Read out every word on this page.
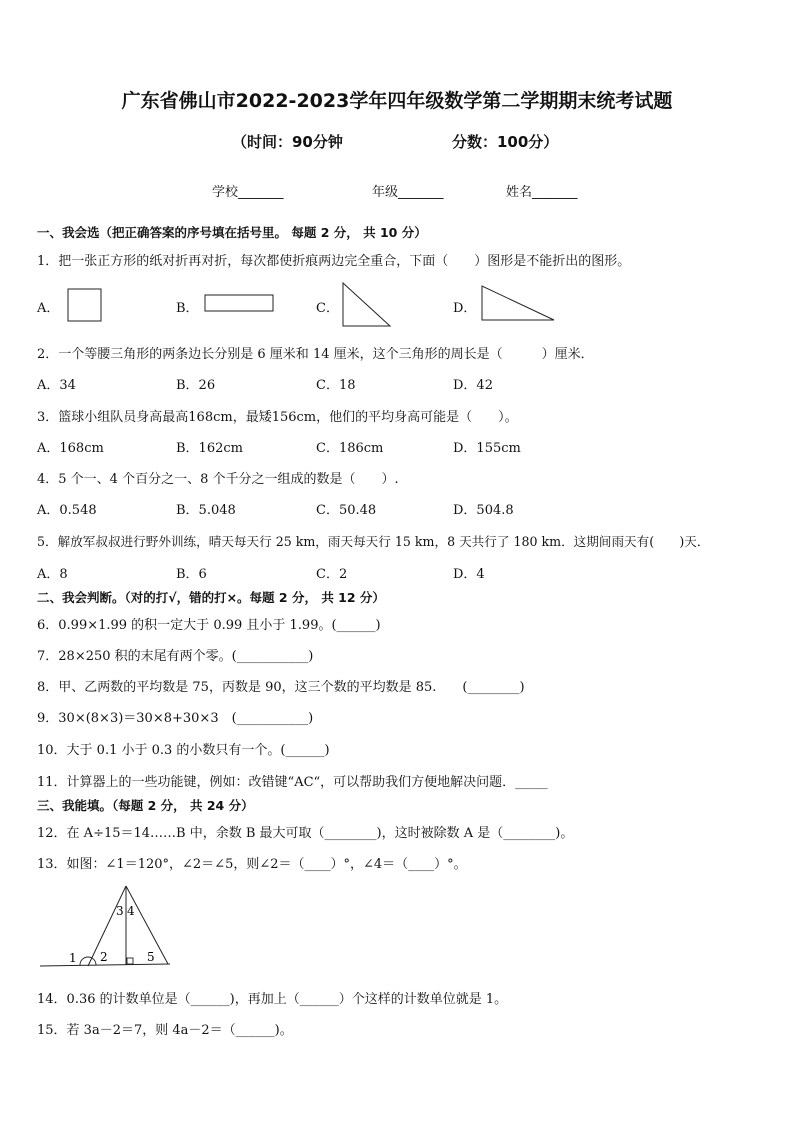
广东省佛山市2022-2023学年四年级数学第二学期期末统考试题
（时间：90分钟	分数：100分）
学校_______	年级_______	姓名_______
一、我会选（把正确答案的序号填在括号里。 每题 2 分， 共 10 分）
1．把一张正方形的纸对折再对折，每次都使折痕两边完全重合，下面（　　）图形是不能折出的图形。
A．	B．	C．	D．
2．一个等腰三角形的两条边长分别是 6 厘米和 14 厘米，这个三角形的周长是（　　　）厘米．
A．34	B．26	C．18	D．42
3．篮球小组队员身高最高168cm，最矮156cm，他们的平均身高可能是（　　）。
A．168cm	B．162cm	C．186cm	D．155cm
4．5 个一、4 个百分之一、8 个千分之一组成的数是（　　）.
A．0.548	B．5.048	C．50.48	D．504.8
5．解放军叔叔进行野外训练，晴天每天行 25 km，雨天每天行 15 km，8 天共行了 180 km．这期间雨天有(　　)天．
A．8	B．6	C．2	D．4
二、我会判断。（对的打√，错的打×。每题 2 分， 共 12 分）
6．0.99×1.99 的积一定大于 0.99 且小于 1.99。(______)
7．28×250 积的末尾有两个零。(___________)
8．甲、乙两数的平均数是 75，丙数是 90，这三个数的平均数是 85.　　(________)
9．30×(8×3)＝30×8+30×3　(___________)
10．大于 0.1 小于 0.3 的小数只有一个。(______)
11．计算器上的一些功能键，例如：改错键“AC“，可以帮助我们方便地解决问题．_____
三、我能填。（每题 2 分， 共 24 分）
12．在 A÷15＝14……B 中，余数 B 最大可取（________)，这时被除数 A 是（________)。
13．如图：∠1＝120°，∠2＝∠5，则∠2＝（____）°，∠4＝（____）°。
1 2
3 4
5
14．0.36 的计数单位是（______)，再加上（______）个这样的计数单位就是 1。
15．若 3a－2＝7，则 4a－2＝（______)。
